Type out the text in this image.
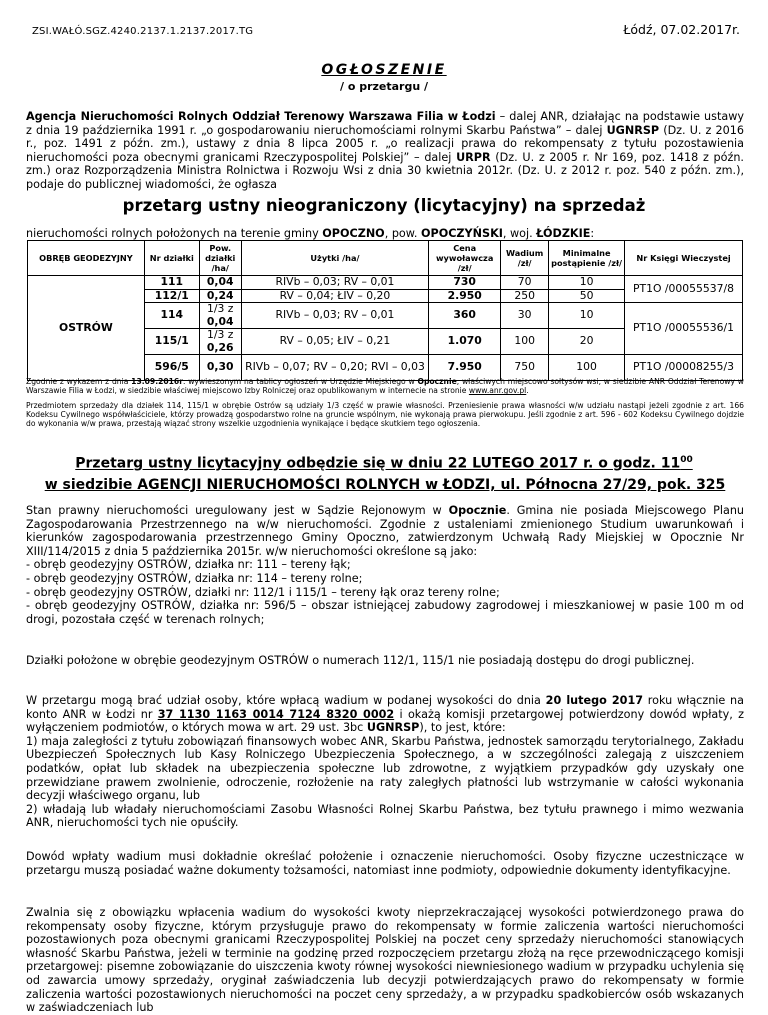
ZSI.WAŁÓ.SGZ.4240.2137.1.2137.2017.TG	Łódź, 07.02.2017r.
OGŁOSZENIE
/ o przetargu /
Agencja Nieruchomości Rolnych Oddział Terenowy Warszawa Filia w Łodzi – dalej ANR, działając na podstawie ustawy z dnia 19 października 1991 r. „o gospodarowaniu nieruchomościami rolnymi Skarbu Państwa” – dalej UGNRSP (Dz. U. z 2016 r., poz. 1491 z późn. zm.), ustawy z dnia 8 lipca 2005 r. „o realizacji prawa do rekompensaty z tytułu pozostawienia nieruchomości poza obecnymi granicami Rzeczypospolitej Polskiej” – dalej URPR (Dz. U. z 2005 r. Nr 169, poz. 1418 z późn. zm.) oraz Rozporządzenia Ministra Rolnictwa i Rozwoju Wsi z dnia 30 kwietnia 2012r. (Dz. U. z 2012 r. poz. 540 z późn. zm.), podaje do publicznej wiadomości, że ogłasza
przetarg ustny nieograniczony (licytacyjny) na sprzedaż
nieruchomości rolnych położonych na terenie gminy OPOCZNO, pow. OPOCZYŃSKI, woj. ŁÓDZKIE:
OBRĘB GEODEZYJNY	Nr działki	Pow. działki /ha/	Użytki /ha/	Cena wywoławcza /zł/	Wadium /zł/	Minimalne postąpienie /zł/	Nr Księgi Wieczystej
OSTRÓW	111	0,04	RIVb – 0,03; RV – 0,01	730	70	10	PT1O /00055537/8
	112/1	0,24	RV – 0,04; ŁIV – 0,20	2.950	250	50	
	114	1/3 z
0,04	RIVb – 0,03; RV – 0,01	360	30	10	PT1O /00055536/1
	115/1	1/3 z
0,26	RV – 0,05; ŁIV – 0,21	1.070	100	20	
	596/5	0,30	RIVb – 0,07; RV – 0,20; RVI – 0,03	7.950	750	100	PT1O /00008255/3
Zgodnie z wykazem z dnia 13.09.2016r. wywieszonym na tablicy ogłoszeń w Urzędzie Miejskiego w Opocznie, właściwych miejscowo sołtysów wsi, w siedzibie ANR Oddział Terenowy w Warszawie Filia w Łodzi, w siedzibie właściwej miejscowo Izby Rolniczej oraz opublikowanym w internecie na stronie www.anr.gov.pl.
Przedmiotem sprzedaży dla działek 114, 115/1 w obrębie Ostrów są udziały 1/3 część w prawie własności. Przeniesienie prawa własności w/w udziału nastąpi jeżeli zgodnie z art. 166 Kodeksu Cywilnego współwłaściciele, którzy prowadzą gospodarstwo rolne na gruncie wspólnym, nie wykonają prawa pierwokupu. Jeśli zgodnie z art. 596 - 602 Kodeksu Cywilnego dojdzie do wykonania w/w prawa, przestają wiązać strony wszelkie uzgodnienia wynikające i będące skutkiem tego ogłoszenia.
Przetarg ustny licytacyjny odbędzie się w dniu 22 LUTEGO 2017 r. o godz. $11^{00}$
w siedzibie AGENCJI NIERUCHOMOŚCI ROLNYCH w ŁODZI, ul. Północna 27/29, pok. 325
Stan prawny nieruchomości uregulowany jest w Sądzie Rejonowym w Opocznie. Gmina nie posiada Miejscowego Planu Zagospodarowania Przestrzennego na w/w nieruchomości. Zgodnie z ustaleniami zmienionego Studium uwarunkowań i kierunków zagospodarowania przestrzennego Gminy Opoczno, zatwierdzonym Uchwałą Rady Miejskiej w Opocznie Nr XIII/114/2015 z dnia 5 października 2015r. w/w nieruchomości określone są jako:
- obręb geodezyjny OSTRÓW, działka nr: 111 – tereny łąk;
- obręb geodezyjny OSTRÓW, działka nr: 114 – tereny rolne;
- obręb geodezyjny OSTRÓW, działki nr: 112/1 i 115/1 – tereny łąk oraz tereny rolne;
- obręb geodezyjny OSTRÓW, działka nr: 596/5 – obszar istniejącej zabudowy zagrodowej i mieszkaniowej w pasie 100 m od drogi, pozostała część w terenach rolnych;
Działki położone w obrębie geodezyjnym OSTRÓW o numerach 112/1, 115/1 nie posiadają dostępu do drogi publicznej.
W przetargu mogą brać udział osoby, które wpłacą wadium w podanej wysokości do dnia 20 lutego 2017 roku włącznie na konto ANR w Łodzi nr 37 1130 1163 0014 7124 8320 0002 i okażą komisji przetargowej potwierdzony dowód wpłaty, z wyłączeniem podmiotów, o których mowa w art. 29 ust. 3bc UGNRSP), to jest, które:
1) maja zaległości z tytułu zobowiązań finansowych wobec ANR, Skarbu Państwa, jednostek samorządu terytorialnego, Zakładu Ubezpieczeń Społecznych lub Kasy Rolniczego Ubezpieczenia Społecznego, a w szczególności zalegają z uiszczeniem podatków, opłat lub składek na ubezpieczenia społeczne lub zdrowotne, z wyjątkiem przypadków gdy uzyskały one przewidziane prawem zwolnienie, odroczenie, rozłożenie na raty zaległych płatności lub wstrzymanie w całości wykonania decyzji właściwego organu, lub
2) władają lub władały nieruchomościami Zasobu Własności Rolnej Skarbu Państwa, bez tytułu prawnego i mimo wezwania ANR, nieruchomości tych nie opuściły.
Dowód wpłaty wadium musi dokładnie określać położenie i oznaczenie nieruchomości. Osoby fizyczne uczestniczące w przetargu muszą posiadać ważne dokumenty tożsamości, natomiast inne podmioty, odpowiednie dokumenty identyfikacyjne.
Zwalnia się z obowiązku wpłacenia wadium do wysokości kwoty nieprzekraczającej wysokości potwierdzonego prawa do rekompensaty osoby fizyczne, którym przysługuje prawo do rekompensaty w formie zaliczenia wartości nieruchomości pozostawionych poza obecnymi granicami Rzeczypospolitej Polskiej na poczet ceny sprzedaży nieruchomości stanowiących własność Skarbu Państwa, jeżeli w terminie na godzinę przed rozpoczęciem przetargu złożą na ręce przewodniczącego komisji przetargowej: pisemne zobowiązanie do uiszczenia kwoty równej wysokości niewniesionego wadium w przypadku uchylenia się od zawarcia umowy sprzedaży, oryginał zaświadczenia lub decyzji potwierdzających prawo do rekompensaty w formie zaliczenia wartości pozostawionych nieruchomości na poczet ceny sprzedaży, a w przypadku spadkobierców osób wskazanych w zaświadczeniach lub
